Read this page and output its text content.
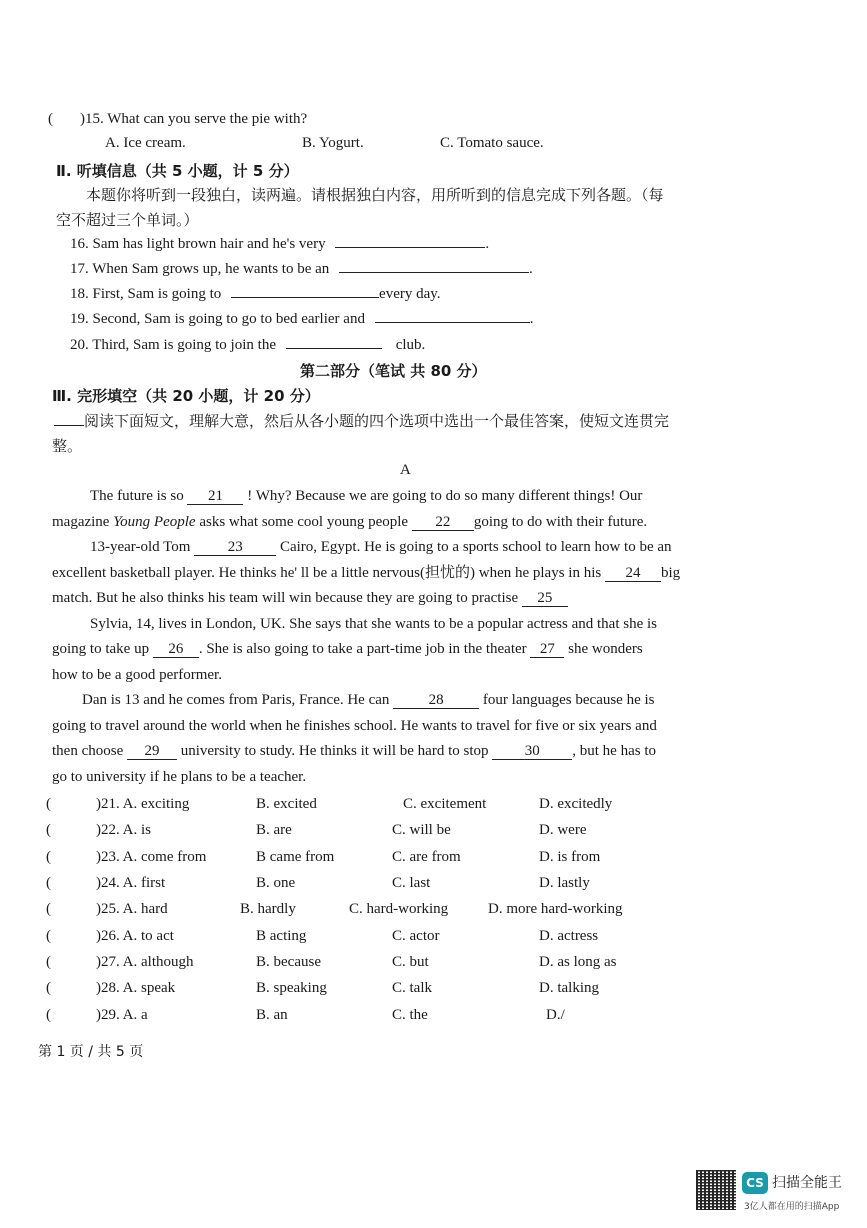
( )15. What can you serve the pie with?
A. Ice cream.	B. Yogurt.	C. Tomato sauce.
Ⅱ. 听填信息（共 5 小题，计 5 分）
本题你将听到一段独白，读两遍。请根据独白内容，用所听到的信息完成下列各题。（每
空不超过三个单词。）
16. Sam has light brown hair and he's very	.
17. When Sam grows up, he wants to be an	.
18. First, Sam is going to	every day.
19. Second, Sam is going to go to bed earlier and	.
20. Third, Sam is going to join the	club.
第二部分（笔试 共 80 分）
Ⅲ. 完形填空（共 20 小题，计 20 分）
阅读下面短文，理解大意，然后从各小题的四个选项中选出一个最佳答案，使短文连贯完
整。
A
The future is so 21 ! Why? Because we are going to do so many different things! Our
magazine Young People asks what some cool young people 22 going to do with their future.
13-year-old Tom 23 Cairo, Egypt. He is going to a sports school to learn how to be an
excellent basketball player. He thinks he' ll be a little nervous(担忧的) when he plays in his 24 big
match. But he also thinks his team will win because they are going to practise 25
Sylvia, 14, lives in London, UK. She says that she wants to be a popular actress and that she is
going to take up 26 . She is also going to take a part-time job in the theater 27 she wonders
how to be a good performer.
Dan is 13 and he comes from Paris, France. He can	28	four languages because he is
going to travel around the world when he finishes school. He wants to travel for five or six years and
then choose 29 university to study. He thinks it will be hard to stop 30 , but he has to
go to university if he plans to be a teacher.
(	)21. A. exciting	B. excited	C. excitement	D. excitedly
(	)22. A. is	B. are	C. will be	D. were
(	)23. A. come from	B came from	C. are from	D. is from
(	)24. A. first	B. one	C. last	D. lastly
(	)25. A. hard	B. hardly	C. hard-working	D. more hard-working
(	)26. A. to act	B acting	C. actor	D. actress
(	)27. A. although	B. because	C. but	D. as long as
(	)28. A. speak	B. speaking	C. talk	D. talking
(	)29. A. a	B. an	C. the	D./
第 1 页 / 共 5 页
CS 扫描全能王
3亿人都在用的扫描App
